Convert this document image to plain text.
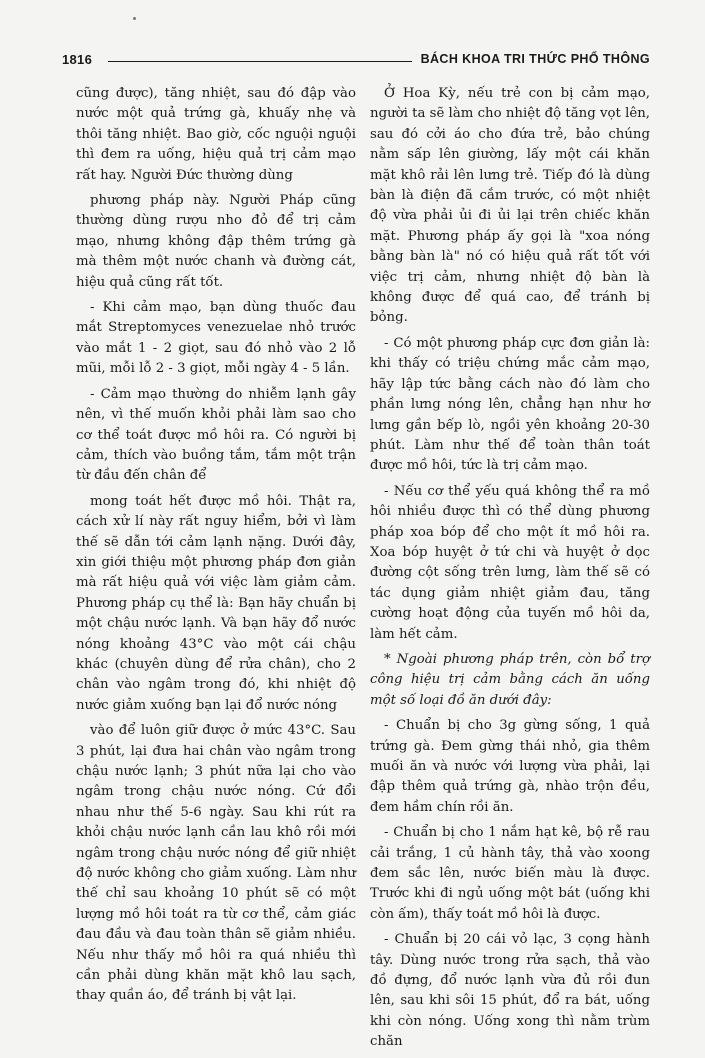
1816	BÁCH KHOA TRI THỨC PHỔ THÔNG

cũng được), tăng nhiệt, sau đó đập vào nước một quả trứng gà, khuấy nhẹ và thôi tăng nhiệt. Bao giờ, cốc nguội nguội thì đem ra uống, hiệu quả trị cảm mạo rất hay. Người Đức thường dùng

phương pháp này. Người Pháp cũng thường dùng rượu nho đỏ để trị cảm mạo, nhưng không đập thêm trứng gà mà thêm một nước chanh và đường cát, hiệu quả cũng rất tốt.

- Khi cảm mạo, bạn dùng thuốc đau mắt Streptomyces venezuelae nhỏ trước vào mắt 1 - 2 giọt, sau đó nhỏ vào 2 lỗ mũi, mỗi lỗ 2 - 3 giọt, mỗi ngày 4 - 5 lần.

- Cảm mạo thường do nhiễm lạnh gây nên, vì thế muốn khỏi phải làm sao cho cơ thể toát được mồ hôi ra. Có người bị cảm, thích vào buồng tắm, tắm một trận từ đầu đến chân để

mong toát hết được mồ hôi. Thật ra, cách xử lí này rất nguy hiểm, bởi vì làm thế sẽ dẫn tới cảm lạnh nặng. Dưới đây, xin giới thiệu một phương pháp đơn giản mà rất hiệu quả với việc làm giảm cảm. Phương pháp cụ thể là: Bạn hãy chuẩn bị một chậu nước lạnh. Và bạn hãy đổ nước nóng khoảng 43°C vào một cái chậu khác (chuyên dùng để rửa chân), cho 2 chân vào ngâm trong đó, khi nhiệt độ nước giảm xuống bạn lại đổ nước nóng

vào để luôn giữ được ở mức 43°C. Sau 3 phút, lại đưa hai chân vào ngâm trong chậu nước lạnh; 3 phút nữa lại cho vào ngâm trong chậu nước nóng. Cứ đổi nhau như thế 5-6 ngày. Sau khi rút ra khỏi chậu nước lạnh cần lau khô rồi mới ngâm trong chậu nước nóng để giữ nhiệt độ nước không cho giảm xuống. Làm như thế chỉ sau khoảng 10 phút sẽ có một lượng mồ hôi toát ra từ cơ thể, cảm giác đau đầu và đau toàn thân sẽ giảm nhiều. Nếu như thấy mồ hôi ra quá nhiều thì cần phải dùng khăn mặt khô lau sạch, thay quần áo, để tránh bị vật lại.

Ở Hoa Kỳ, nếu trẻ con bị cảm mạo, người ta sẽ làm cho nhiệt độ tăng vọt lên, sau đó cởi áo cho đứa trẻ, bảo chúng nằm sấp lên giường, lấy một cái khăn mặt khô rải lên lưng trẻ. Tiếp đó là dùng bàn là điện đã cắm trước, có một nhiệt độ vừa phải ủi đi ủi lại trên chiếc khăn mặt. Phương pháp ấy gọi là "xoa nóng bằng bàn là" nó có hiệu quả rất tốt với việc trị cảm, nhưng nhiệt độ bàn là không được để quá cao, để tránh bị bỏng.

- Có một phương pháp cực đơn giản là: khi thấy có triệu chứng mắc cảm mạo, hãy lập tức bằng cách nào đó làm cho phần lưng nóng lên, chẳng hạn như hơ lưng gần bếp lò, ngồi yên khoảng 20-30 phút. Làm như thế để toàn thân toát được mồ hôi, tức là trị cảm mạo.

- Nếu cơ thể yếu quá không thể ra mồ hôi nhiều được thì có thể dùng phương pháp xoa bóp để cho một ít mồ hôi ra. Xoa bóp huyệt ở tứ chi và huyệt ở dọc đường cột sống trên lưng, làm thế sẽ có tác dụng giảm nhiệt giảm đau, tăng cường hoạt động của tuyến mồ hôi da, làm hết cảm.

* Ngoài phương pháp trên, còn bổ trợ công hiệu trị cảm bằng cách ăn uống một số loại đồ ăn dưới đây:

- Chuẩn bị cho 3g gừng sống, 1 quả trứng gà. Đem gừng thái nhỏ, gia thêm muối ăn và nước với lượng vừa phải, lại đập thêm quả trứng gà, nhào trộn đều, đem hầm chín rồi ăn.

- Chuẩn bị cho 1 nắm hạt kê, bộ rễ rau cải trắng, 1 củ hành tây, thả vào xoong đem sắc lên, nước biến màu là được. Trước khi đi ngủ uống một bát (uống khi còn ấm), thấy toát mồ hôi là được.

- Chuẩn bị 20 cái vỏ lạc, 3 cọng hành tây. Dùng nước trong rửa sạch, thả vào đồ đựng, đổ nước lạnh vừa đủ rồi đun lên, sau khi sôi 15 phút, đổ ra bát, uống khi còn nóng. Uống xong thì nằm trùm chăn
